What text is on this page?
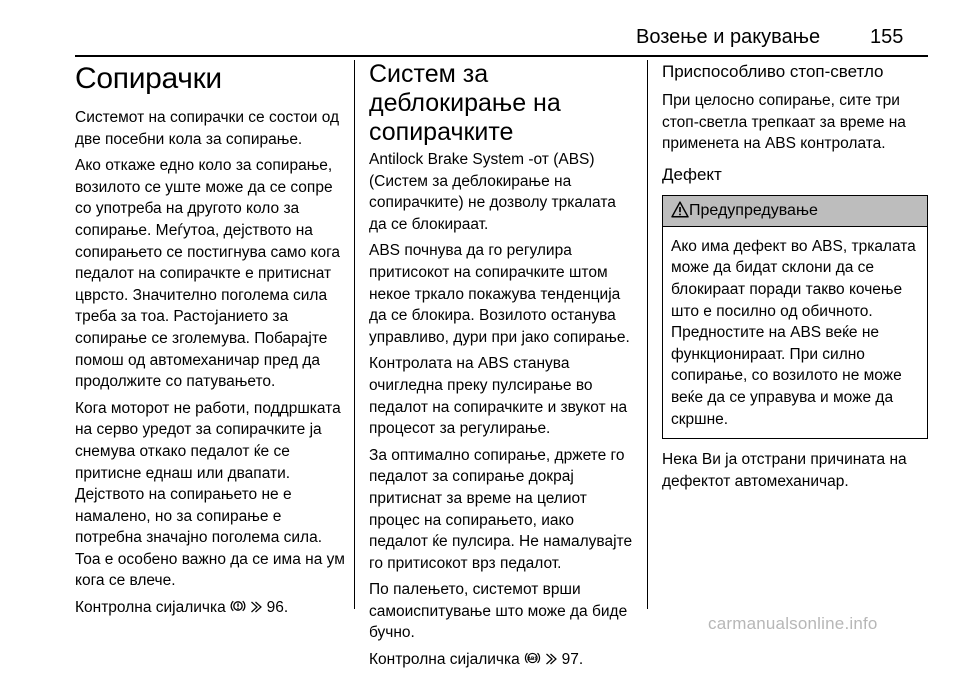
Возење и ракување 155
Сопирачки

Системот на сопирачки се состои од две посебни кола за сопирање.

Ако откаже едно коло за сопирање, возилото се уште може да се сопре со употреба на другото коло за сопирање. Меѓутоа, дејството на сопирањето се постигнува само кога педалот на сопирачкте е притиснат цврсто. Значително поголема сила треба за тоа. Растојанието за сопирање се зголемува. Побарајте помош од автомеханичар пред да продолжите со патувањето.

Кога моторот не работи, поддршката на серво уредот за сопирачките ја снемува откако педалот ќе се притисне еднаш или двапати. Дејството на сопирањето не е намалено, но за сопирање е потребна значајно поголема сила. Тоа е особено важно да се има на ум кога се влече.

Контролна сијаличка	96.

Систем за деблокирање на сопирачките

Antilock Brake System -от (ABS) (Систем за деблокирање на сопирачките) не дозволу тркалата да се блокираат.

ABS почнува да го регулира притисокот на сопирачките штом некое тркало покажува тенденција да се блокира. Возилото останува управливо, дури при јако сопирање.

Контролата на ABS станува очигледна преку пулсирање во педалот на сопирачките и звукот на процесот за регулирање.

За оптимално сопирање, држете го педалот за сопирање докрај притиснат за време на целиот процес на сопирањето, иако педалот ќе пулсира. Не намалувајте го притисокот врз педалот.

По палењето, системот врши самоиспитување што може да биде бучно.

Контролна сијаличка ABS 97.

Приспособливо стоп-светло

При целосно сопирање, сите три стоп-светла трепкаат за време на применета на ABS контролата.

Дефект
Предупредување

Ако има дефект во ABS, тркалата може да бидат склони да се блокираат поради такво кочење што е посилно од обичното. Предностите на ABS веќе не функционираат. При силно сопирање, со возилото не може веќе да се управува и може да скршне.

Нека Ви ја отстрани причината на дефектот автомеханичар.

carmanualsonline.info
